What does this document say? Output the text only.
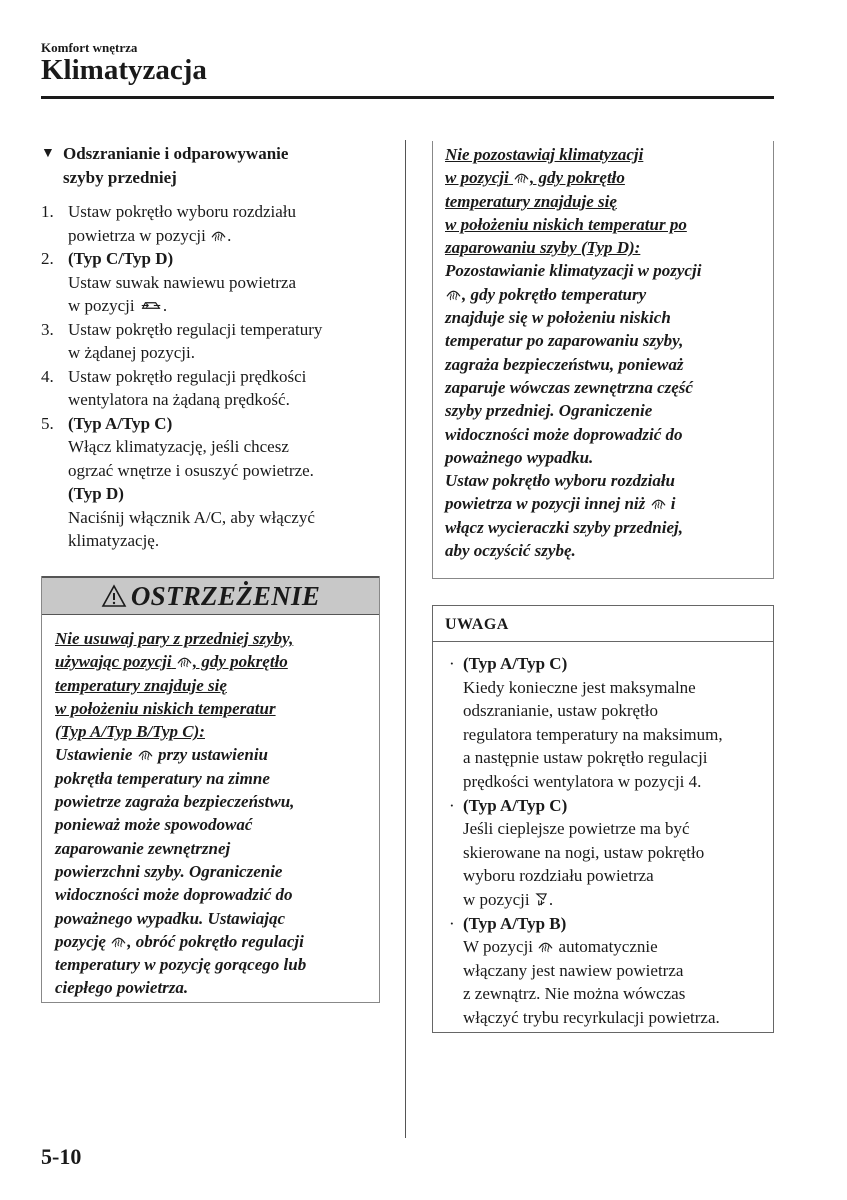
Komfort wnętrza
Klimatyzacja
▼ Odszranianie i odparowywanie
szyby przedniej
1. Ustaw pokrętło wyboru rozdziału
powietrza w pozycji .
2. (Typ C/Typ D)
Ustaw suwak nawiewu powietrza
w pozycji .
3. Ustaw pokrętło regulacji temperatury
w żądanej pozycji.
4. Ustaw pokrętło regulacji prędkości
wentylatora na żądaną prędkość.
5. (Typ A/Typ C)
Włącz klimatyzację, jeśli chcesz
ogrzać wnętrze i osuszyć powietrze.
(Typ D)
Naciśnij włącznik A/C, aby włączyć
klimatyzację.
OSTRZEŻENIE
Nie usuwaj pary z przedniej szyby,
używając pozycji , gdy pokrętło
temperatury znajduje się
w położeniu niskich temperatur
(Typ A/Typ B/Typ C):
Ustawienie przy ustawieniu
pokrętła temperatury na zimne
powietrze zagraża bezpieczeństwu,
ponieważ może spowodować
zaparowanie zewnętrznej
powierzchni szyby. Ograniczenie
widoczności może doprowadzić do
poważnego wypadku. Ustawiając
pozycję , obróć pokrętło regulacji
temperatury w pozycję gorącego lub
ciepłego powietrza.
Nie pozostawiaj klimatyzacji
w pozycji , gdy pokrętło
temperatury znajduje się
w położeniu niskich temperatur po
zaparowaniu szyby (Typ D):
Pozostawianie klimatyzacji w pozycji
, gdy pokrętło temperatury
znajduje się w położeniu niskich
temperatur po zaparowaniu szyby,
zagraża bezpieczeństwu, ponieważ
zaparuje wówczas zewnętrzna część
szyby przedniej. Ograniczenie
widoczności może doprowadzić do
poważnego wypadku.
Ustaw pokrętło wyboru rozdziału
powietrza w pozycji innej niż i
włącz wycieraczki szyby przedniej,
aby oczyścić szybę.
UWAGA
· (Typ A/Typ C)
Kiedy konieczne jest maksymalne
odszranianie, ustaw pokrętło
regulatora temperatury na maksimum,
a następnie ustaw pokrętło regulacji
prędkości wentylatora w pozycji 4.
· (Typ A/Typ C)
Jeśli cieplejsze powietrze ma być
skierowane na nogi, ustaw pokrętło
wyboru rozdziału powietrza
w pozycji .
· (Typ A/Typ B)
W pozycji automatycznie
włączany jest nawiew powietrza
z zewnątrz. Nie można wówczas
włączyć trybu recyrkulacji powietrza.
5-10
